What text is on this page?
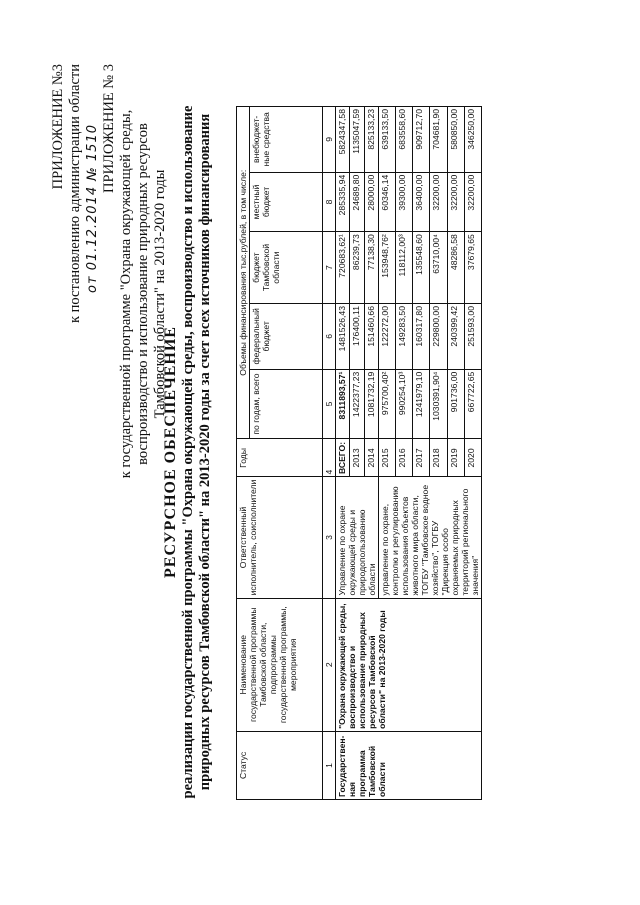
ПРИЛОЖЕНИЕ №3 к постановлению администрации области от 01.12.2014 № 1510 ПРИЛОЖЕНИЕ № 3 к государственной программе "Охрана окружающей среды, воспроизводство и использование природных ресурсов Тамбовской области" на 2013-2020 годы
РЕСУРСНОЕ ОБЕСПЕЧЕНИЕ реализации государственной программы "Охрана окружающей среды, воспроизводство и использование природных ресурсов Тамбовской области" на 2013-2020 годы за счет всех источников финансирования	Статус	Наименование государственной программы Тамбовской области, подпрограммы государственной программы, мероприятия	Ответственный исполнитель, соисполнители	Годы	Объемы финансирования тыс.рублей, в том числе:				
				по годам, всего	федеральный бюджет	бюджет Тамбовской области	местный бюджет	внебюджет-ные средства
1	2	3	4	5	6	7	8	9
Государствен-ная программа Тамбовской области	"Охрана окружающей среды, воспроизводство и использование природных ресурсов Тамбовской области" на 2013-2020 годы	Управление по охране окружающей среды и природопользованию области	ВСЕГО:	8311893,57¹	1481526,43	720683,62¹	285335,94	5824347,58
			2013	1422377,23	176400,11	86239,73	24689,80	1135047,59
			2014	1081732,19	151460,66	77138,30	28000,00	825133,23
		управление по охране, контролю и регулированию использования объектов животного мира области, ТОГБУ "Тамбовское водное хозяйство", ТОГБУ "Дирекция особо охраняемых природных территорий регионального значения"	2015	975700,40²	122272,00	153948,76²	60346,14	639133,50
			2016	990254,10³	149283,50	118112,00³	39300,00	683558,60
			2017	1241979,10	160317,80	135548,60	36400,00	909712,70
			2018	1030391,90⁴	229800,00	63710,00⁴	32200,00	704681,90
			2019	901736,00	240399,42	48286,58	32200,00	580850,00
			2020	667722,65	251593,00	37679,65	32200,00	346250,00
